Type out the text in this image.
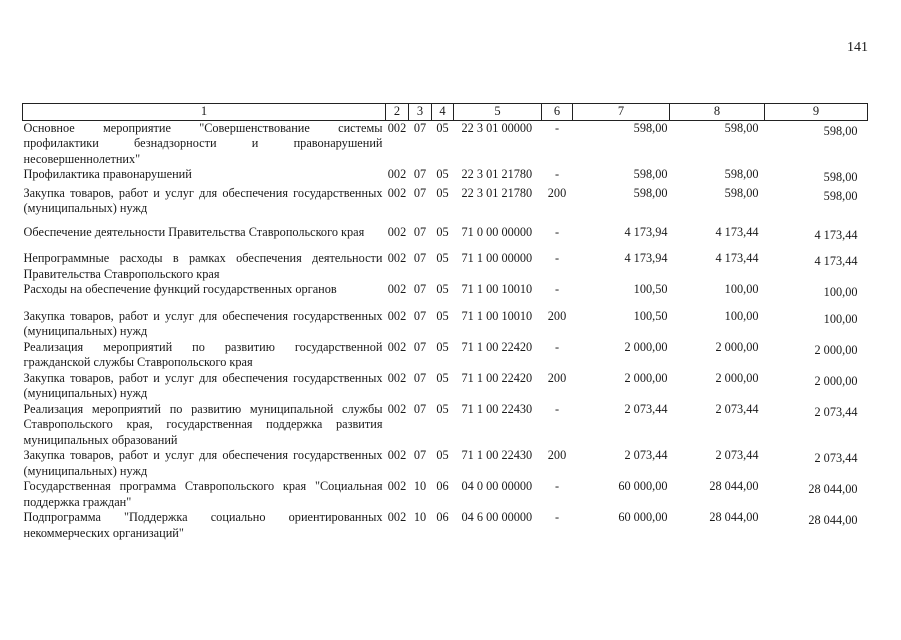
141
1	2	3	4	5	6	7	8	9
Основное мероприятие "Совершенствование системы профилактики безнадзорности и правонарушений несовершеннолетних"	002	07	05	22 3 01 00000	-	598,00	598,00	598,00
Профилактика правонарушений	002	07	05	22 3 01 21780	-	598,00	598,00	598,00
Закупка товаров, работ и услуг для обеспечения государственных (муниципальных) нужд	002	07	05	22 3 01 21780	200	598,00	598,00	598,00
Обеспечение деятельности Правительства Ставропольского края	002	07	05	71 0 00 00000	-	4 173,94	4 173,44	4 173,44
Непрограммные расходы в рамках обеспечения деятельности Правительства Ставропольского края	002	07	05	71 1 00 00000	-	4 173,94	4 173,44	4 173,44
Расходы на обеспечение функций государственных органов	002	07	05	71 1 00 10010	-	100,50	100,00	100,00
Закупка товаров, работ и услуг для обеспечения государственных (муниципальных) нужд	002	07	05	71 1 00 10010	200	100,50	100,00	100,00
Реализация мероприятий по развитию государственной гражданской службы Ставропольского края	002	07	05	71 1 00 22420	-	2 000,00	2 000,00	2 000,00
Закупка товаров, работ и услуг для обеспечения государственных (муниципальных) нужд	002	07	05	71 1 00 22420	200	2 000,00	2 000,00	2 000,00
Реализация мероприятий по развитию муниципальной службы Ставропольского края, государственная поддержка развития муниципальных образований	002	07	05	71 1 00 22430	-	2 073,44	2 073,44	2 073,44
Закупка товаров, работ и услуг для обеспечения государственных (муниципальных) нужд	002	07	05	71 1 00 22430	200	2 073,44	2 073,44	2 073,44
Государственная программа Ставропольского края "Социальная поддержка граждан"	002	10	06	04 0 00 00000	-	60 000,00	28 044,00	28 044,00
Подпрограмма "Поддержка социально ориентированных некоммерческих организаций"	002	10	06	04 6 00 00000	-	60 000,00	28 044,00	28 044,00
